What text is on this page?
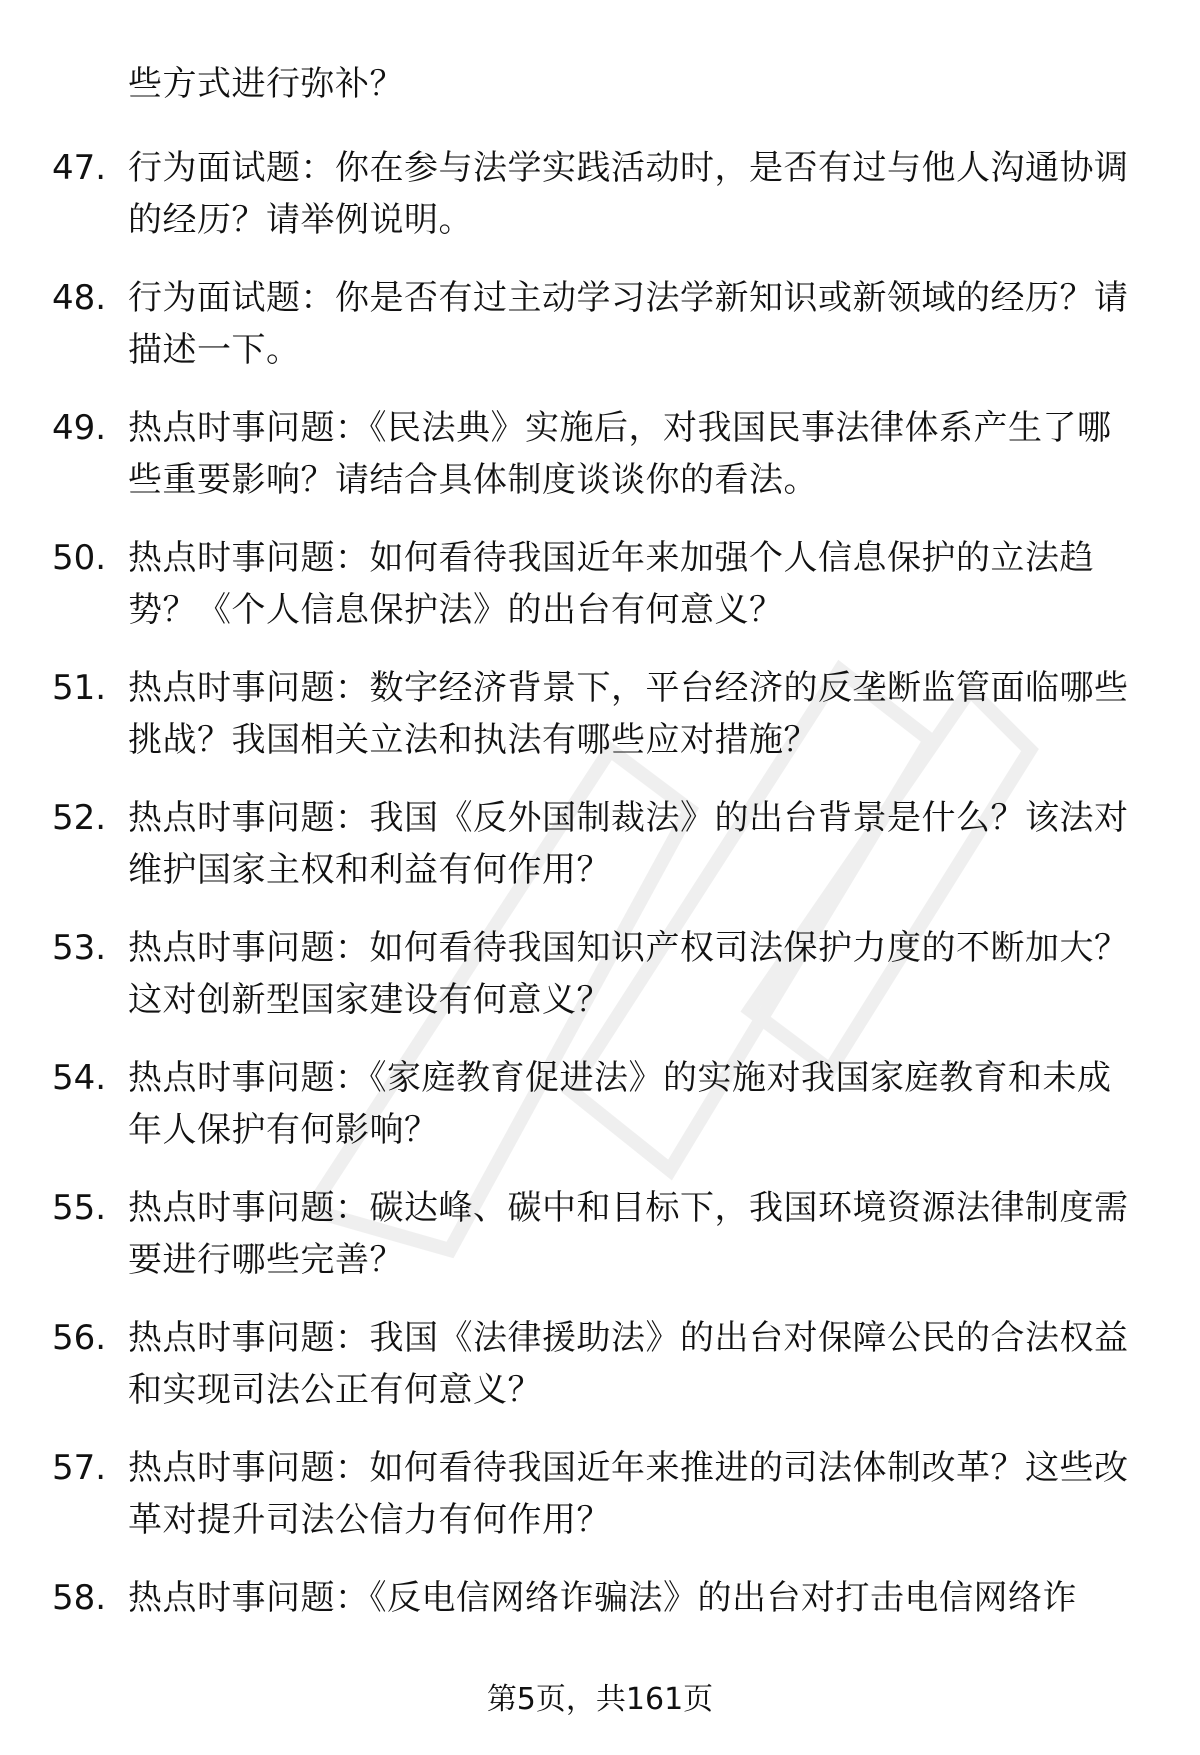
些方式进行弥补？
47. 行为面试题：你在参与法学实践活动时，是否有过与他人沟通协调的经历？请举例说明。
48. 行为面试题：你是否有过主动学习法学新知识或新领域的经历？请描述一下。
49. 热点时事问题：《民法典》实施后，对我国民事法律体系产生了哪些重要影响？请结合具体制度谈谈你的看法。
50. 热点时事问题：如何看待我国近年来加强个人信息保护的立法趋势？《个人信息保护法》的出台有何意义？
51. 热点时事问题：数字经济背景下，平台经济的反垄断监管面临哪些挑战？我国相关立法和执法有哪些应对措施？
52. 热点时事问题：我国《反外国制裁法》的出台背景是什么？该法对维护国家主权和利益有何作用？
53. 热点时事问题：如何看待我国知识产权司法保护力度的不断加大？这对创新型国家建设有何意义？
54. 热点时事问题：《家庭教育促进法》的实施对我国家庭教育和未成年人保护有何影响？
55. 热点时事问题：碳达峰、碳中和目标下，我国环境资源法律制度需要进行哪些完善？
56. 热点时事问题：我国《法律援助法》的出台对保障公民的合法权益和实现司法公正有何意义？
57. 热点时事问题：如何看待我国近年来推进的司法体制改革？这些改革对提升司法公信力有何作用？
58. 热点时事问题：《反电信网络诈骗法》的出台对打击电信网络诈
第5页，共161页
